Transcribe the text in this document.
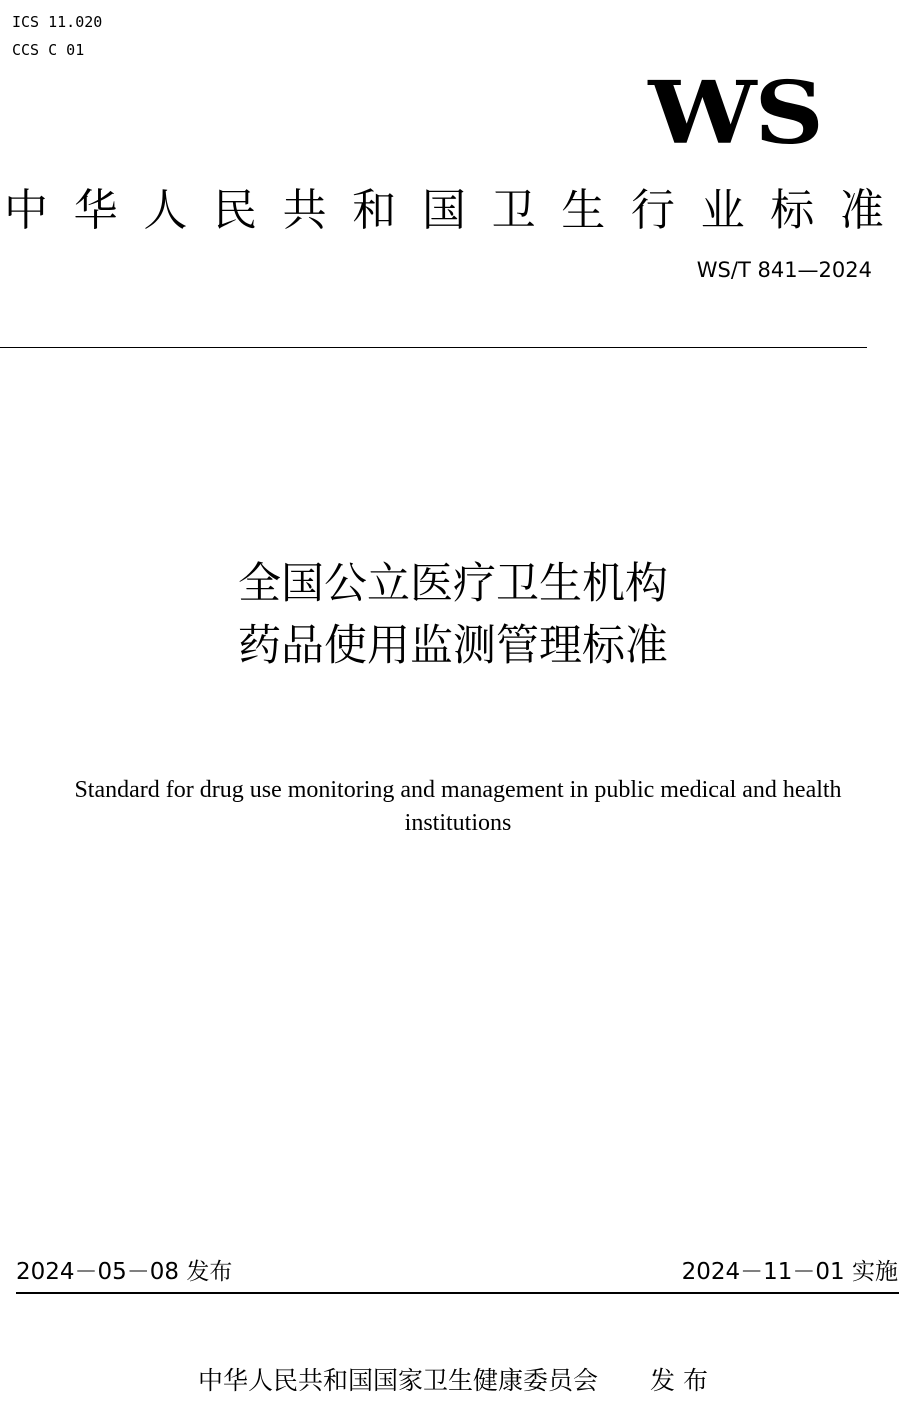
ICS 11.020
CCS C 01
WS
中 华 人 民 共 和 国 卫 生 行 业 标 准
WS/T 841—2024
全国公立医疗卫生机构
药品使用监测管理标准
Standard for drug use monitoring and management in public medical and health institutions
2024－05－08 发布	2024－11－01 实施
中华人民共和国国家卫生健康委员会 发 布
